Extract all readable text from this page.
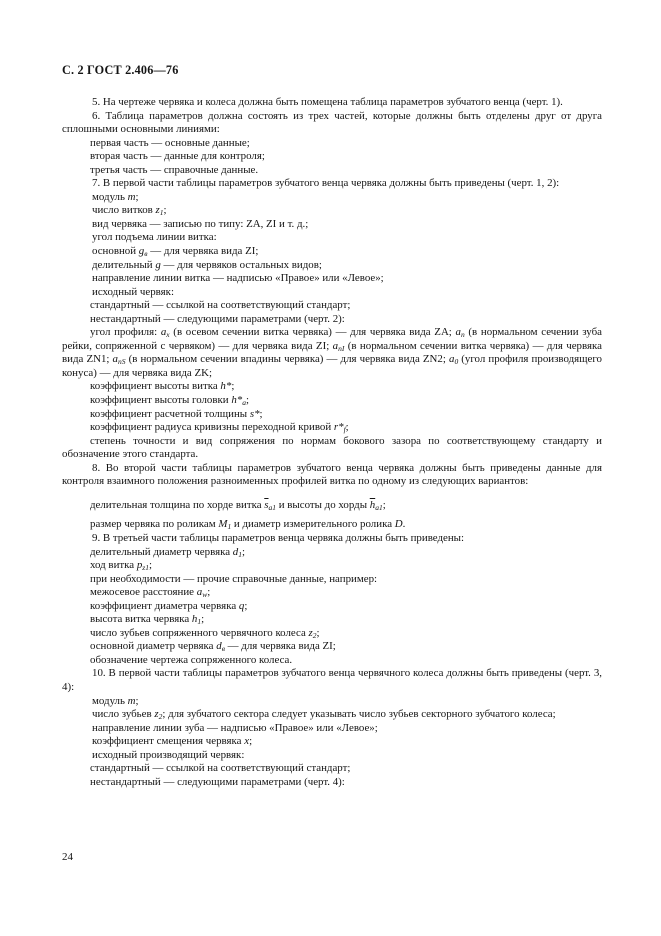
С. 2 ГОСТ 2.406—76

5. На чертеже червяка и колеса должна быть помещена таблица параметров зубчатого венца (черт. 1).

6. Таблица параметров должна состоять из трех частей, которые должны быть отделены друг от друга сплошными основными линиями:

первая часть — основные данные;

вторая часть — данные для контроля;

третья часть — справочные данные.

7. В первой части таблицы параметров зубчатого венца червяка должны быть приведены (черт. 1, 2):

модуль m;

число витков $z_1$;

вид червяка — записью по типу: ZA, ZI и т. д.;

угол подъема линии витка:

основной $g_в$ — для червяка вида ZI;

делительный g — для червяков остальных видов;

направление линии витка — надписью «Правое» или «Левое»;

исходный червяк:

стандартный — ссылкой на соответствующий стандарт;

нестандартный — следующими параметрами (черт. 2):

угол профиля: $a_x$ (в осевом сечении витка червяка) — для червяка вида ZA; $a_n$ (в нормальном сечении зуба рейки, сопряженной с червяком) — для червяка вида ZI; $a_{nI}$ (в нормальном сечении витка червяка) — для червяка вида ZN1; $a_{nS}$ (в нормальном сечении впадины червяка) — для червяка вида ZN2; $a_0$ (угол профиля производящего конуса) — для червяка вида ZK;

коэффициент высоты витка h*;

коэффициент высоты головки $h*_a$;

коэффициент расчетной толщины s*;

коэффициент радиуса кривизны переходной кривой $r*_f$;

степень точности и вид сопряжения по нормам бокового зазора по соответствующему стандарту и обозначение этого стандарта.

8. Во второй части таблицы параметров зубчатого венца червяка должны быть приведены данные для контроля взаимного положения разноименных профилей витка по одному из следующих вариантов:

делительная толщина по хорде витка $\overline{s}_{a1}$ и высоты до хорды $\overline{h}_{a1}$;

размер червяка по роликам $M_1$ и диаметр измерительного ролика D.

9. В третьей части таблицы параметров венца червяка должны быть приведены:

делительный диаметр червяка $d_1$;

ход витка $p_{z1}$;

при необходимости — прочие справочные данные, например:

межосевое расстояние $a_w$;

коэффициент диаметра червяка q;

высота витка червяка $h_1$;

число зубьев сопряженного червячного колеса $z_2$;

основной диаметр червяка $d_в$ — для червяка вида ZI;

обозначение чертежа сопряженного колеса.

10. В первой части таблицы параметров зубчатого венца червячного колеса должны быть приведены (черт. 3, 4):

модуль m;

число зубьев $z_2$; для зубчатого сектора следует указывать число зубьев секторного зубчатого колеса;

направление линии зуба — надписью «Правое» или «Левое»;

коэффициент смещения червяка x;

исходный производящий червяк:

стандартный — ссылкой на соответствующий стандарт;

нестандартный — следующими параметрами (черт. 4):

24
